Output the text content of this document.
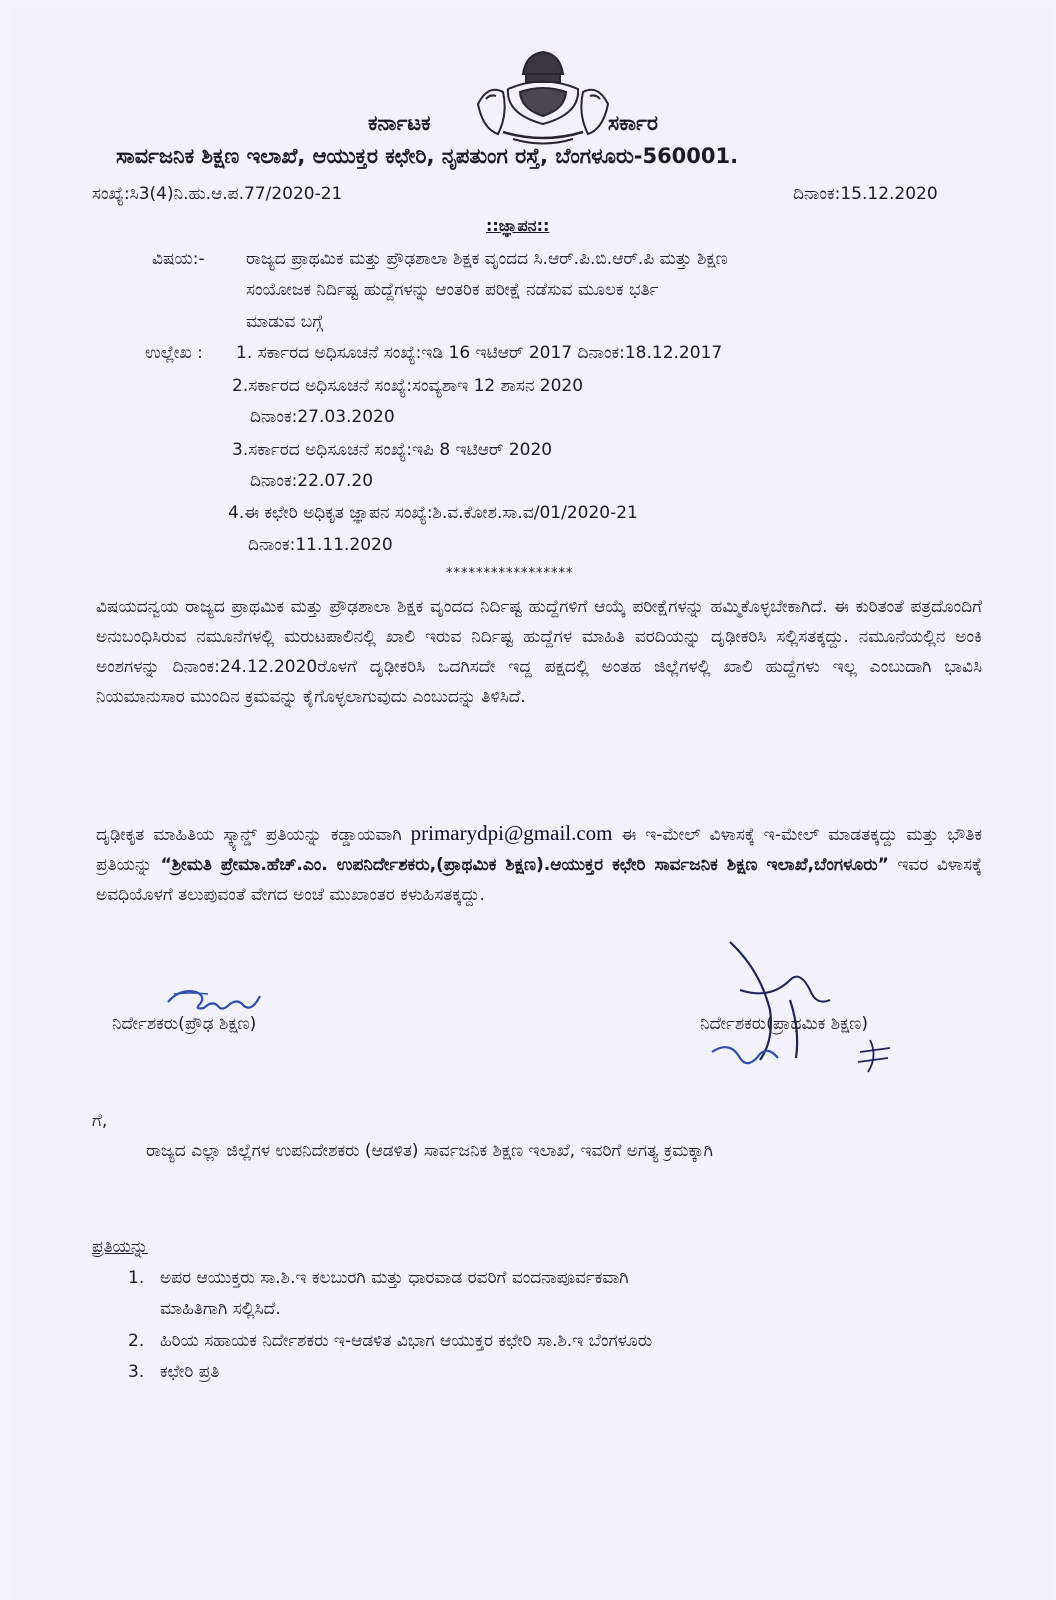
ಕರ್ನಾಟಕ	ಸರ್ಕಾರ
ಸಾರ್ವಜನಿಕ ಶಿಕ್ಷಣ ಇಲಾಖೆ, ಆಯುಕ್ತರ ಕಛೇರಿ, ನೃಪತುಂಗ ರಸ್ತೆ, ಬೆಂಗಳೂರು-560001.
ಸಂಖ್ಯೆ:ಸಿ3(4)ನಿ.ಹು.ಆ.ಪ.77/2020-21	ದಿನಾಂಕ:15.12.2020
::ಜ್ಞಾಪನ::
ವಿಷಯ:- ರಾಜ್ಯದ ಪ್ರಾಥಮಿಕ ಮತ್ತು ಪ್ರೌಢಶಾಲಾ ಶಿಕ್ಷಕ ವೃಂದದ ಸಿ.ಆರ್.ಪಿ.ಬಿ.ಆರ್.ಪಿ ಮತ್ತು ಶಿಕ್ಷಣ
ಸಂಯೋಜಕ ನಿರ್ದಿಷ್ಟ ಹುದ್ದೆಗಳನ್ನು ಆಂತರಿಕ ಪರೀಕ್ಷೆ ನಡೆಸುವ ಮೂಲಕ ಭರ್ತಿ
ಮಾಡುವ ಬಗ್ಗೆ
ಉಲ್ಲೇಖ : 1. ಸರ್ಕಾರದ ಅಧಿಸೂಚನೆ ಸಂಖ್ಯೆ:ಇಡಿ 16 ಇಟಿಆರ್ 2017 ದಿನಾಂಕ:18.12.2017
2.ಸರ್ಕಾರದ ಅಧಿಸೂಚನೆ ಸಂಖ್ಯೆ:ಸಂವ್ಯಶಾಇ 12 ಶಾಸನ 2020
ದಿನಾಂಕ:27.03.2020
3.ಸರ್ಕಾರದ ಅಧಿಸೂಚನೆ ಸಂಖ್ಯೆ:ಇಪಿ 8 ಇಟಿಆರ್ 2020
ದಿನಾಂಕ:22.07.20
4.ಈ ಕಛೇರಿ ಅಧಿಕೃತ ಜ್ಞಾಪನ ಸಂಖ್ಯೆ:ಶಿ.ವ.ಕೋಶ.ಸಾ.ವ/01/2020-21
ದಿನಾಂಕ:11.11.2020
*****************
ವಿಷಯದನ್ವಯ ರಾಜ್ಯದ ಪ್ರಾಥಮಿಕ ಮತ್ತು ಪ್ರೌಢಶಾಲಾ ಶಿಕ್ಷಕ ವೃಂದದ ನಿರ್ದಿಷ್ಟ ಹುದ್ದೆಗಳಿಗೆ ಆಯ್ಕೆ ಪರೀಕ್ಷೆಗಳನ್ನು ಹಮ್ಮಿಕೊಳ್ಳಬೇಕಾಗಿದೆ. ಈ ಕುರಿತಂತೆ ಪತ್ರದೊಂದಿಗೆ ಅನುಬಂಧಿಸಿರುವ ನಮೂನೆಗಳಲ್ಲಿ ಮರುಟಪಾಲಿನಲ್ಲಿ ಖಾಲಿ ಇರುವ ನಿರ್ದಿಷ್ಟ ಹುದ್ದೆಗಳ ಮಾಹಿತಿ ವರದಿಯನ್ನು ದೃಢೀಕರಿಸಿ ಸಲ್ಲಿಸತಕ್ಕದ್ದು. ನಮೂನೆಯಲ್ಲಿನ ಅಂಕಿ ಅಂಶಗಳನ್ನು ದಿನಾಂಕ:24.12.2020ರೊಳಗೆ ದೃಢೀಕರಿಸಿ ಒದಗಿಸದೇ ಇದ್ದ ಪಕ್ಷದಲ್ಲಿ ಅಂತಹ ಜಿಲ್ಲೆಗಳಲ್ಲಿ ಖಾಲಿ ಹುದ್ದೆಗಳು ಇಲ್ಲ ಎಂಬುದಾಗಿ ಭಾವಿಸಿ ನಿಯಮಾನುಸಾರ ಮುಂದಿನ ಕ್ರಮವನ್ನು ಕೈಗೊಳ್ಳಲಾಗುವುದು ಎಂಬುದನ್ನು ತಿಳಿಸಿದೆ.
ದೃಢೀಕೃತ ಮಾಹಿತಿಯ ಸ್ಕ್ಯಾನ್ಡ್ ಪ್ರತಿಯನ್ನು ಕಡ್ಡಾಯವಾಗಿ primarydpi@gmail.com ಈ ಇ-ಮೇಲ್ ವಿಳಾಸಕ್ಕೆ ಇ-ಮೇಲ್ ಮಾಡತಕ್ಕದ್ದು ಮತ್ತು ಭೌತಿಕ ಪ್ರತಿಯನ್ನು “ಶ್ರೀಮತಿ ಪ್ರೇಮಾ.ಹೆಚ್.ಎಂ. ಉಪನಿರ್ದೇಶಕರು,(ಪ್ರಾಥಮಿಕ ಶಿಕ್ಷಣ).ಆಯುಕ್ತರ ಕಛೇರಿ ಸಾರ್ವಜನಿಕ ಶಿಕ್ಷಣ ಇಲಾಖೆ,ಬೆಂಗಳೂರು” ಇವರ ವಿಳಾಸಕ್ಕೆ ಅವಧಿಯೊಳಗೆ ತಲುಪುವಂತೆ ವೇಗದ ಅಂಚೆ ಮುಖಾಂತರ ಕಳುಹಿಸತಕ್ಕದ್ದು.
ನಿರ್ದೇಶಕರು(ಪ್ರೌಢ ಶಿಕ್ಷಣ)	ನಿರ್ದೇಶಕರು(ಪ್ರಾಥಮಿಕ ಶಿಕ್ಷಣ)
ಗೆ,
ರಾಜ್ಯದ ಎಲ್ಲಾ ಜಿಲ್ಲೆಗಳ ಉಪನಿದೇಶಕರು (ಆಡಳಿತ) ಸಾರ್ವಜನಿಕ ಶಿಕ್ಷಣ ಇಲಾಖೆ, ಇವರಿಗೆ ಅಗತ್ಯ ಕ್ರಮಕ್ಕಾಗಿ
ಪ್ರತಿಯನ್ನು
1. ಅಪರ ಆಯುಕ್ತರು ಸಾ.ಶಿ.ಇ ಕಲಬುರಗಿ ಮತ್ತು ಧಾರವಾಡ ರವರಿಗೆ ವಂದನಾಪೂರ್ವಕವಾಗಿ
ಮಾಹಿತಿಗಾಗಿ ಸಲ್ಲಿಸಿದೆ.
2. ಹಿರಿಯ ಸಹಾಯಕ ನಿರ್ದೇಶಕರು ಇ-ಆಡಳಿತ ವಿಭಾಗ ಆಯುಕ್ತರ ಕಛೇರಿ ಸಾ.ಶಿ.ಇ ಬೆಂಗಳೂರು
3. ಕಛೇರಿ ಪ್ರತಿ
